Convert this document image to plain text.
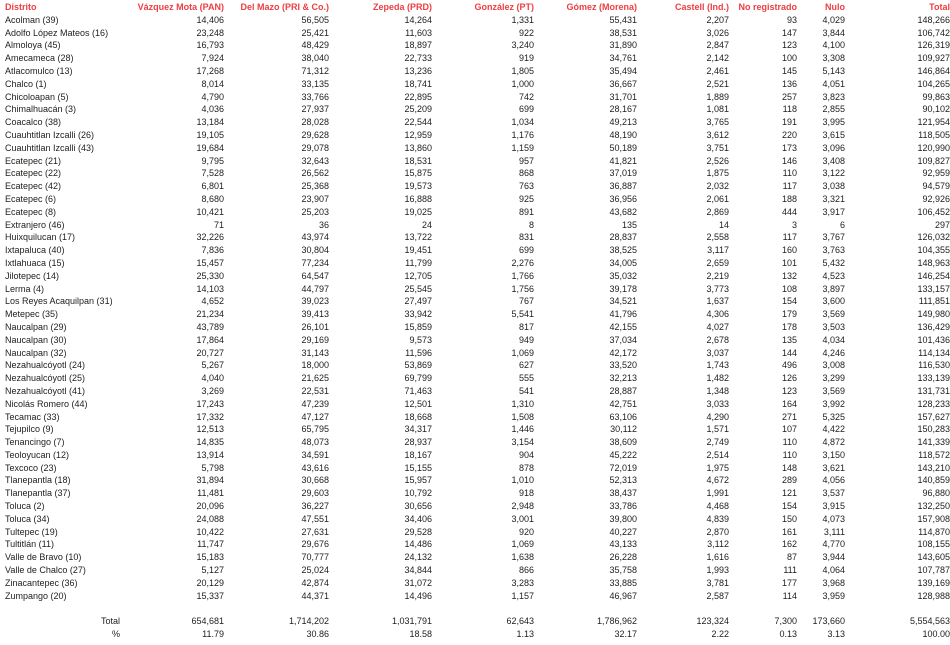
Distrito	Vázquez Mota (PAN)	Del Mazo (PRI & Co.)	Zepeda (PRD)	González (PT)	Gómez (Morena)	Castell (Ind.)	No registrado	Nulo	Total
Acolman (39)	14,406	56,505	14,264	1,331	55,431	2,207	93	4,029	148,266
Adolfo López Mateos (16)	23,248	25,421	11,603	922	38,531	3,026	147	3,844	106,742
Almoloya (45)	16,793	48,429	18,897	3,240	31,890	2,847	123	4,100	126,319
Amecameca (28)	7,924	38,040	22,733	919	34,761	2,142	100	3,308	109,927
Atlacomulco (13)	17,268	71,312	13,236	1,805	35,494	2,461	145	5,143	146,864
Chalco (1)	8,014	33,135	18,741	1,000	36,667	2,521	136	4,051	104,265
Chicoloapan (5)	4,790	33,766	22,895	742	31,701	1,889	257	3,823	99,863
Chimalhuacán (3)	4,036	27,937	25,209	699	28,167	1,081	118	2,855	90,102
Coacalco (38)	13,184	28,028	22,544	1,034	49,213	3,765	191	3,995	121,954
Cuauhtitlan Izcalli (26)	19,105	29,628	12,959	1,176	48,190	3,612	220	3,615	118,505
Cuauhtitlan Izcalli (43)	19,684	29,078	13,860	1,159	50,189	3,751	173	3,096	120,990
Ecatepec (21)	9,795	32,643	18,531	957	41,821	2,526	146	3,408	109,827
Ecatepec (22)	7,528	26,562	15,875	868	37,019	1,875	110	3,122	92,959
Ecatepec (42)	6,801	25,368	19,573	763	36,887	2,032	117	3,038	94,579
Ecatepec (6)	8,680	23,907	16,888	925	36,956	2,061	188	3,321	92,926
Ecatepec (8)	10,421	25,203	19,025	891	43,682	2,869	444	3,917	106,452
Extranjero (46)	71	36	24	8	135	14	3	6	297
Huixquilucan (17)	32,226	43,974	13,722	831	28,837	2,558	117	3,767	126,032
Ixtapaluca (40)	7,836	30,804	19,451	699	38,525	3,117	160	3,763	104,355
Ixtlahuaca (15)	15,457	77,234	11,799	2,276	34,005	2,659	101	5,432	148,963
Jilotepec (14)	25,330	64,547	12,705	1,766	35,032	2,219	132	4,523	146,254
Lerma (4)	14,103	44,797	25,545	1,756	39,178	3,773	108	3,897	133,157
Los Reyes Acaquilpan (31)	4,652	39,023	27,497	767	34,521	1,637	154	3,600	111,851
Metepec (35)	21,234	39,413	33,942	5,541	41,796	4,306	179	3,569	149,980
Naucalpan (29)	43,789	26,101	15,859	817	42,155	4,027	178	3,503	136,429
Naucalpan (30)	17,864	29,169	9,573	949	37,034	2,678	135	4,034	101,436
Naucalpan (32)	20,727	31,143	11,596	1,069	42,172	3,037	144	4,246	114,134
Nezahualcóyotl (24)	5,267	18,000	53,869	627	33,520	1,743	496	3,008	116,530
Nezahualcóyotl (25)	4,040	21,625	69,799	555	32,213	1,482	126	3,299	133,139
Nezahualcóyotl (41)	3,269	22,531	71,463	541	28,887	1,348	123	3,569	131,731
Nicolás Romero (44)	17,243	47,239	12,501	1,310	42,751	3,033	164	3,992	128,233
Tecamac (33)	17,332	47,127	18,668	1,508	63,106	4,290	271	5,325	157,627
Tejupilco (9)	12,513	65,795	34,317	1,446	30,112	1,571	107	4,422	150,283
Tenancingo (7)	14,835	48,073	28,937	3,154	38,609	2,749	110	4,872	141,339
Teoloyucan (12)	13,914	34,591	18,167	904	45,222	2,514	110	3,150	118,572
Texcoco (23)	5,798	43,616	15,155	878	72,019	1,975	148	3,621	143,210
Tlanepantla (18)	31,894	30,668	15,957	1,010	52,313	4,672	289	4,056	140,859
Tlanepantla (37)	11,481	29,603	10,792	918	38,437	1,991	121	3,537	96,880
Toluca (2)	20,096	36,227	30,656	2,948	33,786	4,468	154	3,915	132,250
Toluca (34)	24,088	47,551	34,406	3,001	39,800	4,839	150	4,073	157,908
Tultepec (19)	10,422	27,631	29,528	920	40,227	2,870	161	3,111	114,870
Tultitlán (11)	11,747	29,676	14,486	1,069	43,133	3,112	162	4,770	108,155
Valle de Bravo (10)	15,183	70,777	24,132	1,638	26,228	1,616	87	3,944	143,605
Valle de Chalco (27)	5,127	25,024	34,844	866	35,758	1,993	111	4,064	107,787
Zinacantepec (36)	20,129	42,874	31,072	3,283	33,885	3,781	177	3,968	139,169
Zumpango (20)	15,337	44,371	14,496	1,157	46,967	2,587	114	3,959	128,988

Total	654,681	1,714,202	1,031,791	62,643	1,786,962	123,324	7,300	173,660	5,554,563
%	11.79	30.86	18.58	1.13	32.17	2.22	0.13	3.13	100.00
